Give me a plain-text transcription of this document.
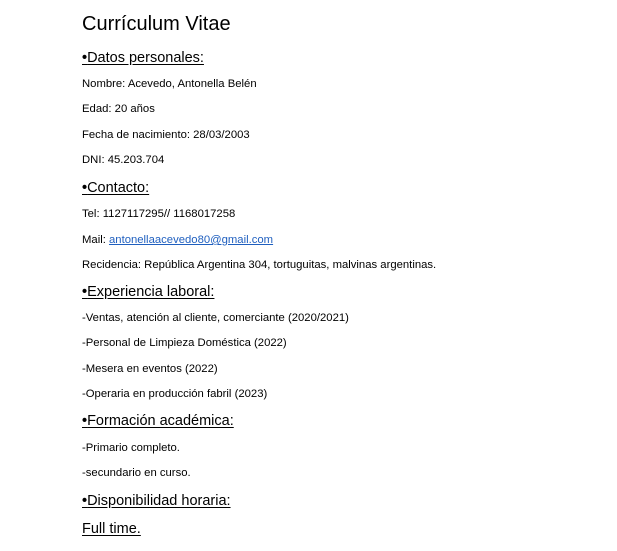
Currículum Vitae
•Datos personales:
Nombre: Acevedo, Antonella Belén
Edad: 20 años
Fecha de nacimiento: 28/03/2003
DNI: 45.203.704
•Contacto:
Tel: 1127117295// 1168017258
Mail: antonellaacevedo80@gmail.com
Recidencia: República Argentina 304, tortuguitas, malvinas argentinas.
•Experiencia laboral:
-Ventas, atención al cliente, comerciante (2020/2021)
-Personal de Limpieza Doméstica (2022)
-Mesera en eventos (2022)
-Operaria en producción fabril (2023)
•Formación académica:
-Primario completo.
-secundario en curso.
•Disponibilidad horaria:
Full time.
